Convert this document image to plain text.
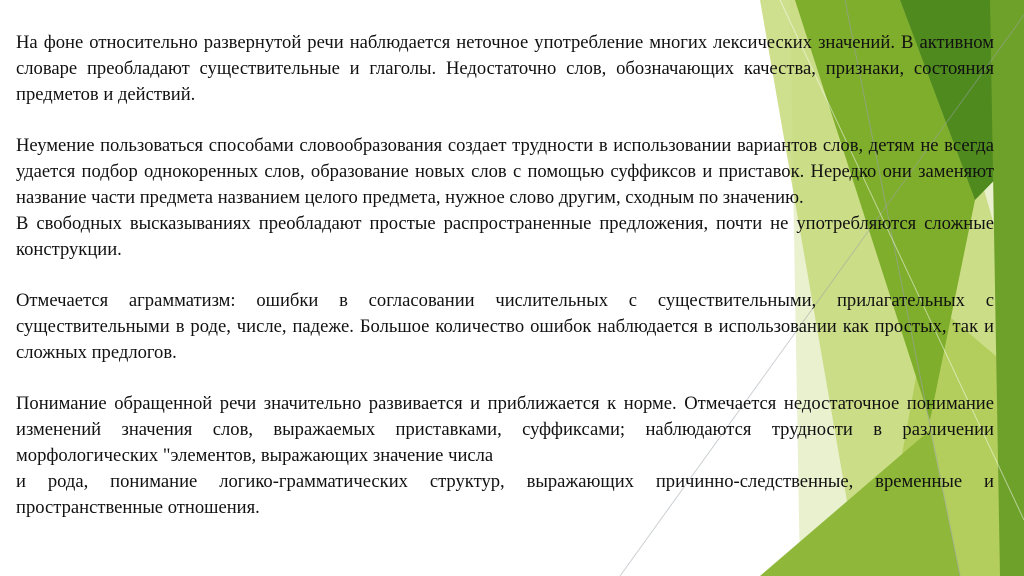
На фоне относительно развернутой речи наблюдается неточное употребление многих лексических значений. В активном словаре преобладают существительные и глаголы. Недостаточно слов, обозначающих качества, признаки, состояния предметов и действий.

Неумение пользоваться способами словообразования создает трудности в использовании вариантов слов, детям не всегда удается подбор однокоренных слов, образование новых слов с помощью суффиксов и приставок. Нередко они заменяют название части предмета названием целого предмета, нужное слово другим, сходным по значению.

В свободных высказываниях преобладают простые распространенные предложения, почти не употребляются сложные конструкции.

Отмечается аграмматизм: ошибки в согласовании числительных с существительными, прилагательных с существительными в роде, числе, падеже. Большое количество ошибок наблюдается в использовании как простых, так и сложных предлогов.

Понимание обращенной речи значительно развивается и приближается к норме. Отмечается недостаточное понимание изменений значения слов, выражаемых приставками, суффиксами; наблюдаются трудности в различении морфологических "элементов, выражающих значение числа

и рода, понимание логико-грамматических структур, выражающих причинно-следственные, временные и пространственные отношения.
